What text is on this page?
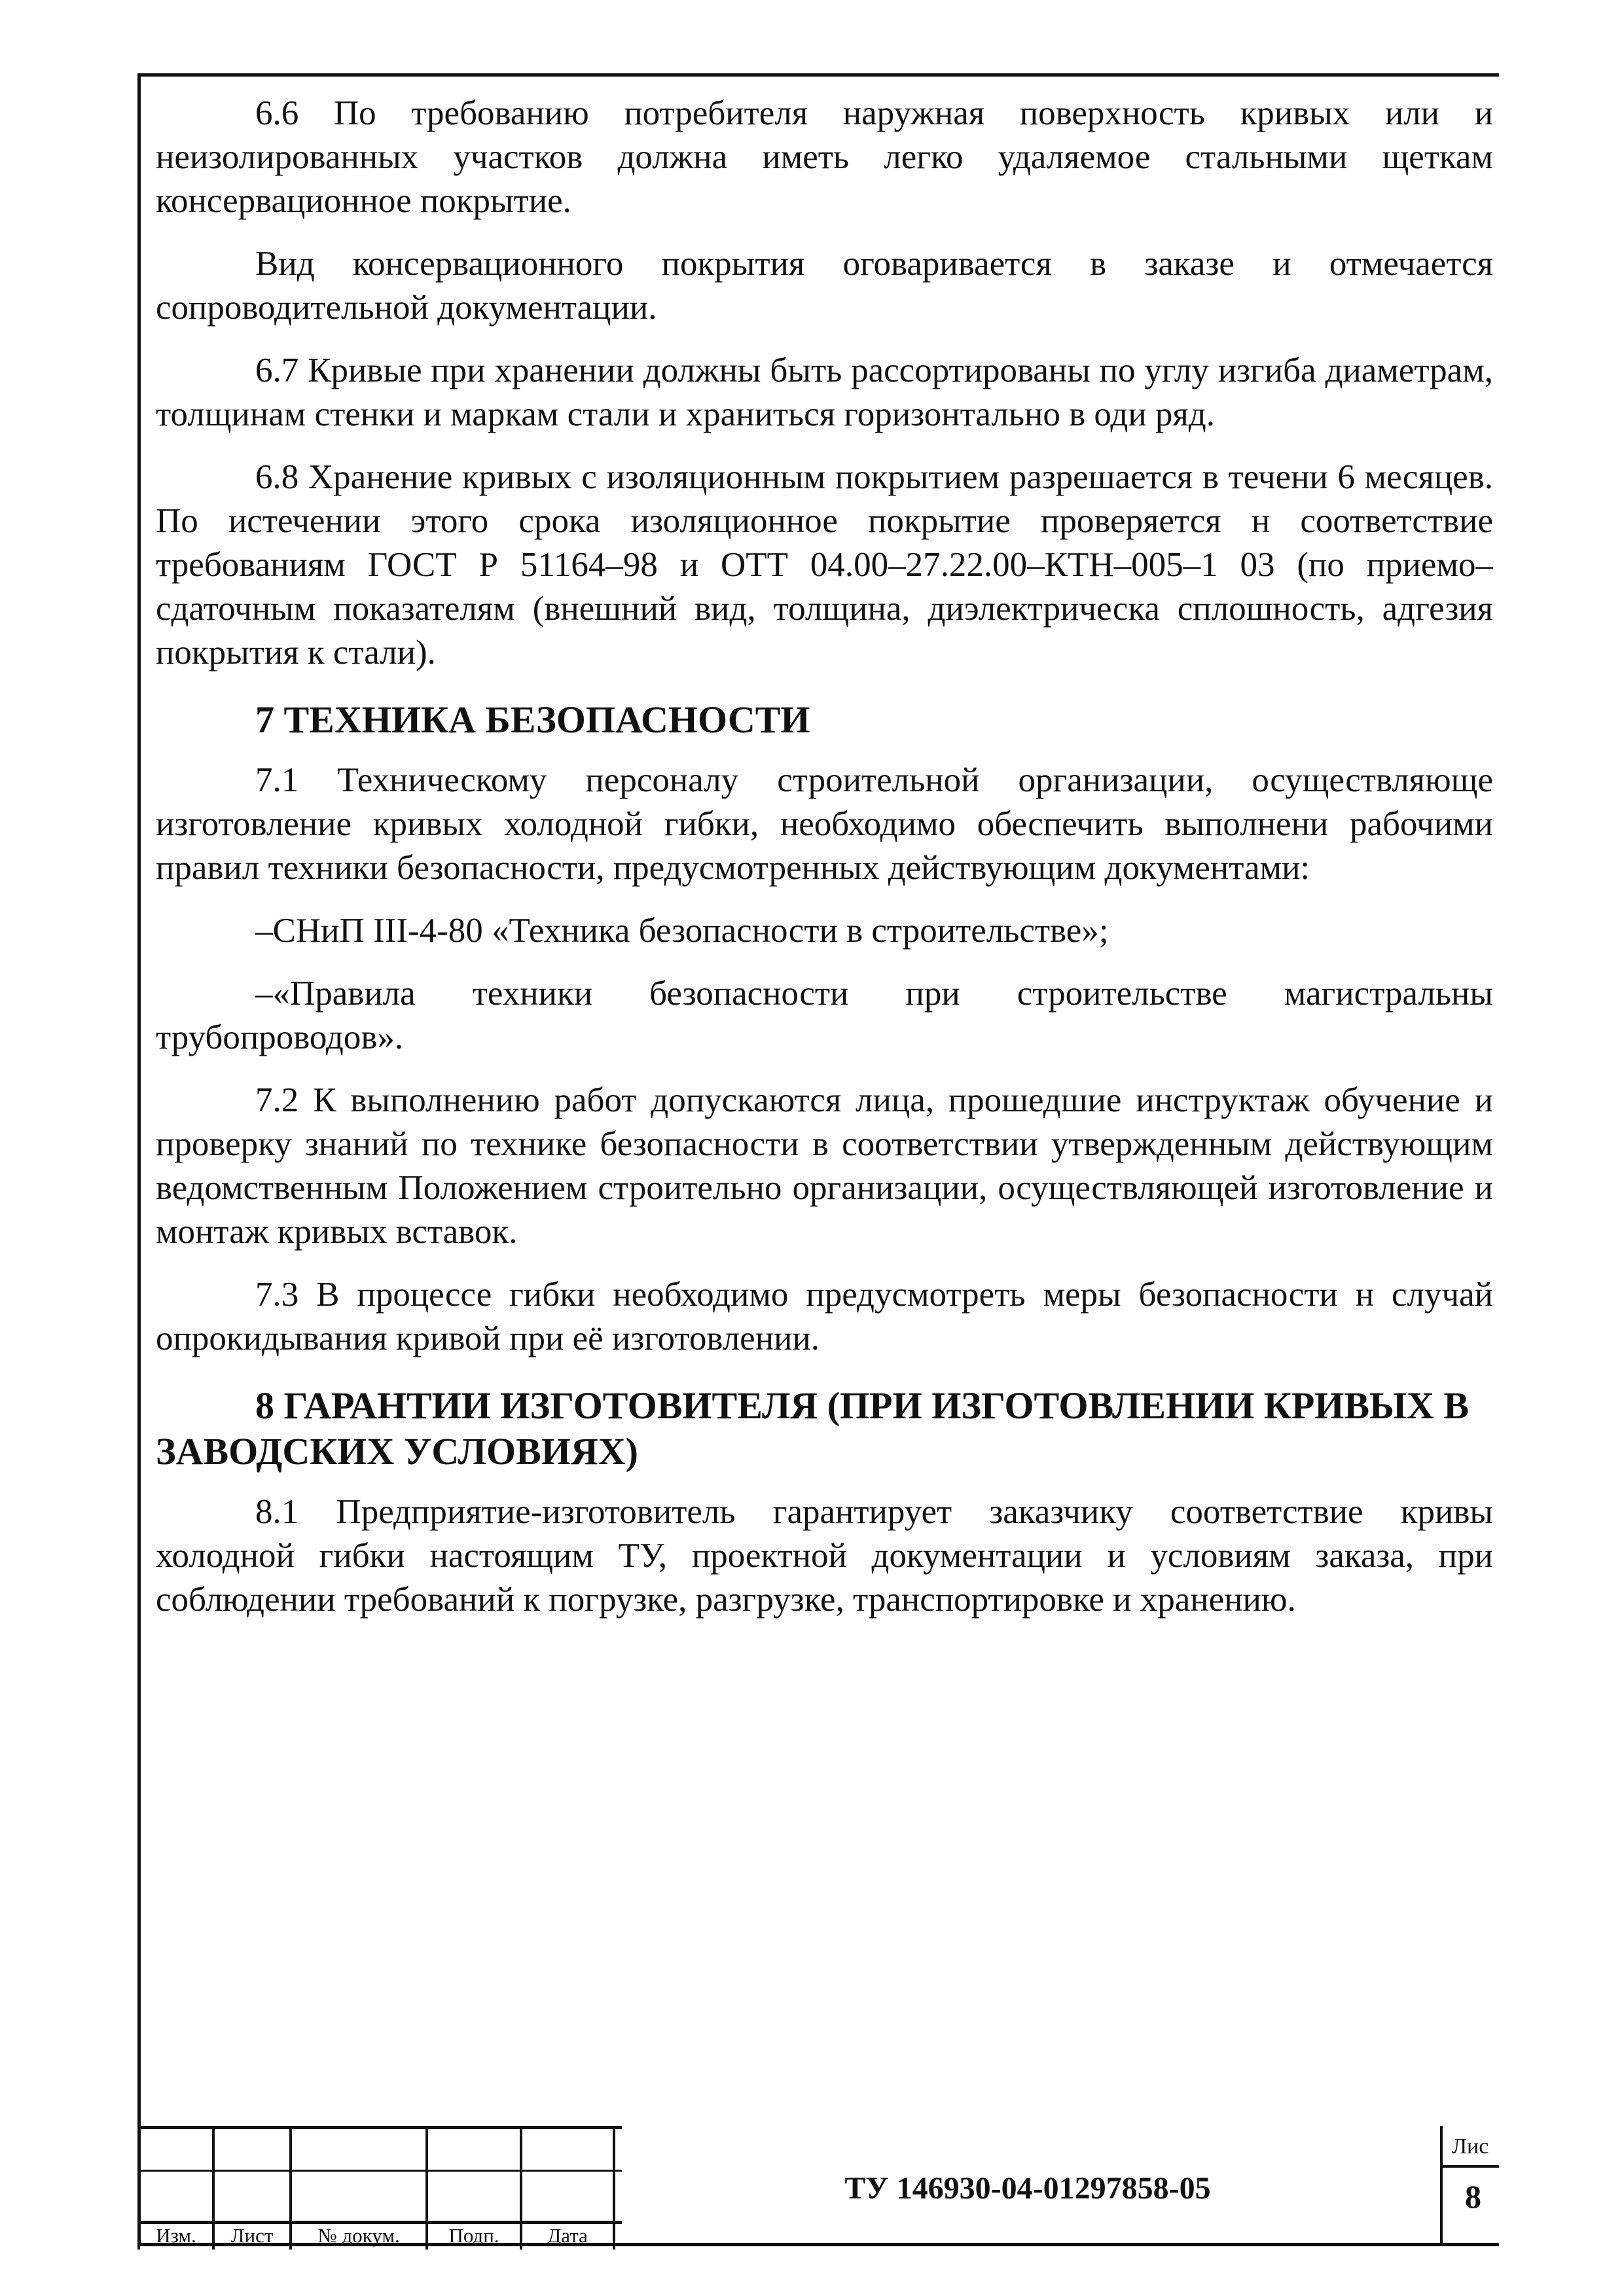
6.6 По требованию потребителя наружная поверхность кривых или и неизолированных участков должна иметь легко удаляемое стальными щеткам консервационное покрытие.

Вид консервационного покрытия оговаривается в заказе и отмечается сопроводительной документации.

6.7 Кривые при хранении должны быть рассортированы по углу изгиба диаметрам, толщинам стенки и маркам стали и храниться горизонтально в оди ряд.

6.8 Хранение кривых с изоляционным покрытием разрешается в течени 6 месяцев. По истечении этого срока изоляционное покрытие проверяется н соответствие требованиям ГОСТ Р 51164–98 и ОТТ 04.00–27.22.00–КТН–005–1 03 (по приемо–сдаточным показателям (внешний вид, толщина, диэлектрическа сплошность, адгезия покрытия к стали).

7 ТЕХНИКА БЕЗОПАСНОСТИ

7.1 Техническому персоналу строительной организации, осуществляюще изготовление кривых холодной гибки, необходимо обеспечить выполнени рабочими правил техники безопасности, предусмотренных действующим документами:

–СНиП III-4-80 «Техника безопасности в строительстве»;

–«Правила техники безопасности при строительстве магистральны трубопроводов».

7.2 К выполнению работ допускаются лица, прошедшие инструктаж обучение и проверку знаний по технике безопасности в соответствии утвержденным действующим ведомственным Положением строительно организации, осуществляющей изготовление и монтаж кривых вставок.

7.3 В процессе гибки необходимо предусмотреть меры безопасности н случай опрокидывания кривой при её изготовлении.

8 ГАРАНТИИ ИЗГОТОВИТЕЛЯ (ПРИ ИЗГОТОВЛЕНИИ КРИВЫХ В ЗАВОДСКИХ УСЛОВИЯХ)

8.1 Предприятие-изготовитель гарантирует заказчику соответствие кривы холодной гибки настоящим ТУ, проектной документации и условиям заказа, при соблюдении требований к погрузке, разгрузке, транспортировке и хранению.

Изм.	Лист	№ докум.	Подп.	Дата
ТУ 146930-04-01297858-05
Лис
8
